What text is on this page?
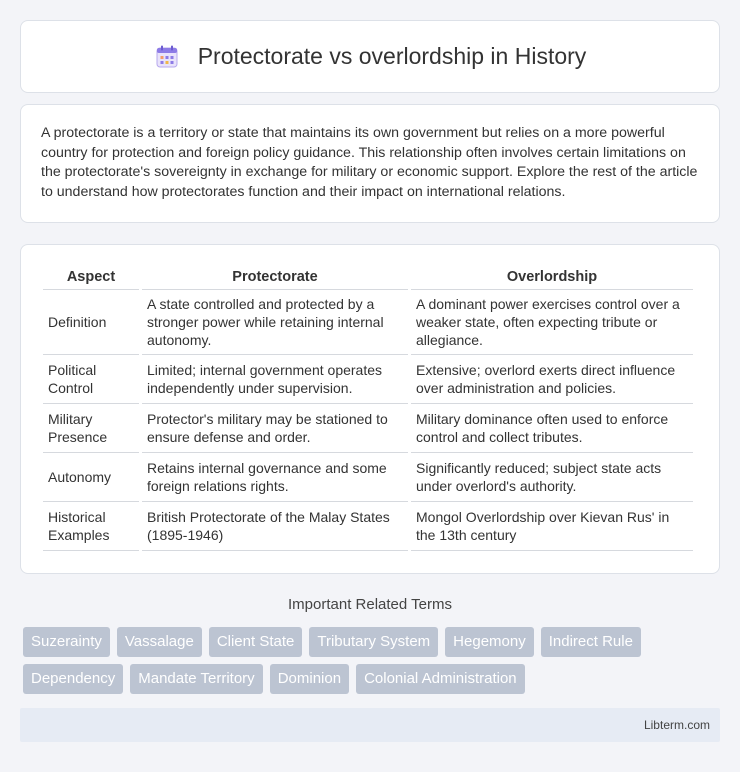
Protectorate vs overlordship in History

A protectorate is a territory or state that maintains its own government but relies on a more powerful country for protection and foreign policy guidance. This relationship often involves certain limitations on the protectorate's sovereignty in exchange for military or economic support. Explore the rest of the article to understand how protectorates function and their impact on international relations.

Aspect	Protectorate	Overlordship
Definition	A state controlled and protected by a stronger power while retaining internal autonomy.	A dominant power exercises control over a weaker state, often expecting tribute or allegiance.
Political Control	Limited; internal government operates independently under supervision.	Extensive; overlord exerts direct influence over administration and policies.
Military Presence	Protector's military may be stationed to ensure defense and order.	Military dominance often used to enforce control and collect tributes.
Autonomy	Retains internal governance and some foreign relations rights.	Significantly reduced; subject state acts under overlord's authority.
Historical Examples	British Protectorate of the Malay States (1895-1946)	Mongol Overlordship over Kievan Rus' in the 13th century
Important Related Terms
Suzerainty	Vassalage	Client State	Tributary System	Hegemony	Indirect Rule
Dependency	Mandate Territory	Dominion	Colonial Administration
Libterm.com
